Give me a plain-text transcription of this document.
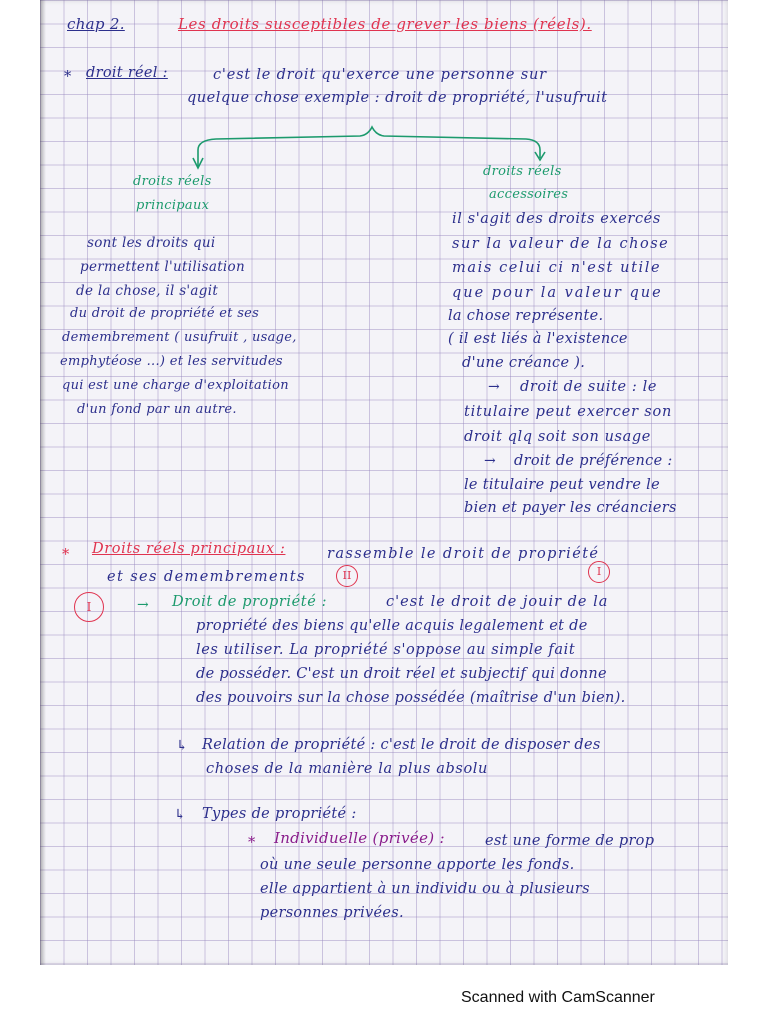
chap 2.	Les droits susceptibles de grever les biens (réels).
* droit réel :	c'est le droit qu'exerce une personne sur
quelque chose exemple : droit de propriété, l'usufruit
droits réels
principaux
droits réels
accessoires
sont les droits qui
permettent l'utilisation
de la chose, il s'agit
du droit de propriété et ses
demembrement ( usufruit , usage,
emphytéose ...) et les servitudes
qui est une charge d'exploitation
d'un fond par un autre.
il s'agit des droits exercés
sur la valeur de la chose
mais celui ci n'est utile
que pour la valeur que
la chose représente.
( il est liés à l'existence
d'une créance ).
→ droit de suite : le
titulaire peut exercer son
droit qlq soit son usage
→ droit de préférence :
le titulaire peut vendre le
bien et payer les créanciers
* Droits réels principaux :	rassemble le droit de propriété
et ses demembrements	II	I
I	→ Droit de propriété :	c'est le droit de jouir de la
propriété des biens qu'elle acquis legalement et de
les utiliser. La propriété s'oppose au simple fait
de posséder. C'est un droit réel et subjectif qui donne
des pouvoirs sur la chose possédée (maîtrise d'un bien).
↳ Relation de propriété : c'est le droit de disposer des
choses de la manière la plus absolu
↳ Types de propriété :
* Individuelle (privée) :	est une forme de prop
où une seule personne apporte les fonds.
elle appartient à un individu ou à plusieurs
personnes privées.
Scanned with CamScanner
